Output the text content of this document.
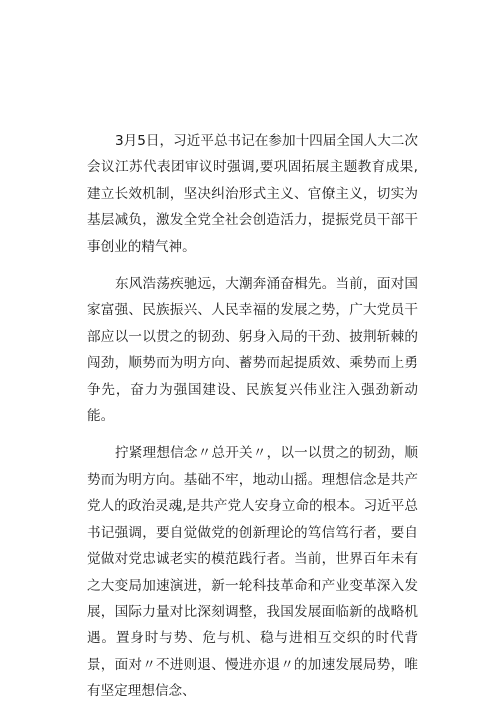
3月5日，习近平总书记在参加十四届全国人大二次会议江苏代表团审议时强调,要巩固拓展主题教育成果,建立长效机制，坚决纠治形式主义、官僚主义，切实为基层减负，激发全党全社会创造活力，提振党员干部干事创业的精气神。

东风浩荡疾驰远，大潮奔涌奋楫先。当前，面对国家富强、民族振兴、人民幸福的发展之势，广大党员干部应以一以贯之的韧劲、躬身入局的干劲、披荆斩棘的闯劲，顺势而为明方向、蓄势而起提质效、乘势而上勇争先，奋力为强国建设、民族复兴伟业注入强劲新动能。

拧紧理想信念〃总开关〃，以一以贯之的韧劲，顺势而为明方向。基础不牢，地动山摇。理想信念是共产党人的政治灵魂,是共产党人安身立命的根本。习近平总书记强调，要自觉做党的创新理论的笃信笃行者，要自觉做对党忠诚老实的模范践行者。当前，世界百年未有之大变局加速演进，新一轮科技革命和产业变革深入发展，国际力量对比深刻调整，我国发展面临新的战略机遇。置身时与势、危与机、稳与进相互交织的时代背景，面对〃不进则退、慢进亦退〃的加速发展局势，唯有坚定理想信念、
